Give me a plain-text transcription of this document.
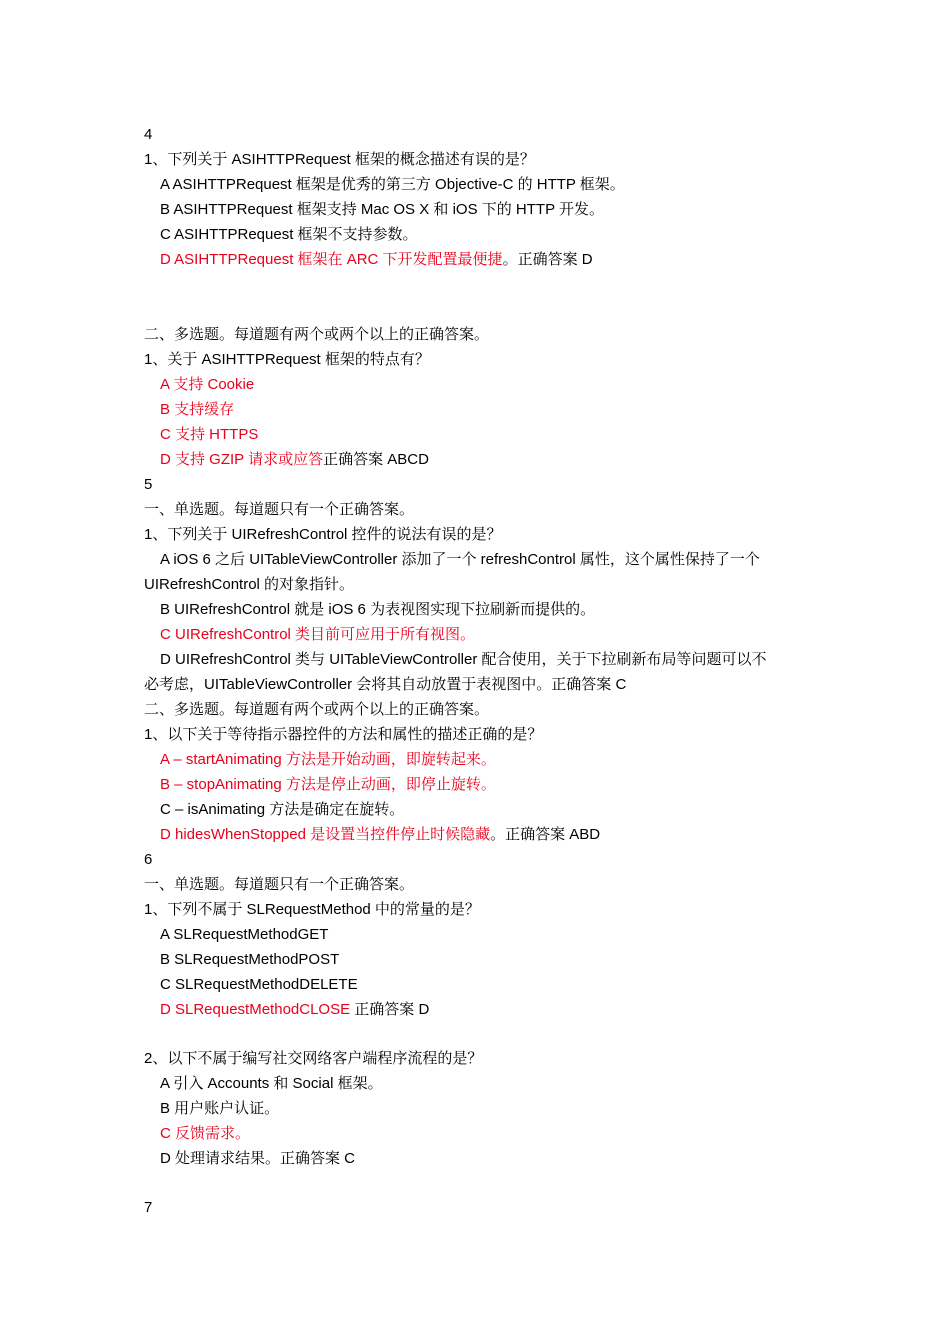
4
1、下列关于 ASIHTTPRequest 框架的概念描述有误的是？
A ASIHTTPRequest 框架是优秀的第三方 Objective-C 的 HTTP 框架。
B ASIHTTPRequest 框架支持 Mac OS X 和 iOS 下的 HTTP 开发。
C ASIHTTPRequest 框架不支持参数。
D ASIHTTPRequest 框架在 ARC 下开发配置最便捷。正确答案 D
二、多选题。每道题有两个或两个以上的正确答案。
1、关于 ASIHTTPRequest 框架的特点有？
A 支持 Cookie
B 支持缓存
C 支持 HTTPS
D 支持 GZIP 请求或应答正确答案 ABCD
5
一、单选题。每道题只有一个正确答案。
1、下列关于 UIRefreshControl 控件的说法有误的是？
A iOS 6 之后 UITableViewController 添加了一个 refreshControl 属性，这个属性保持了一个
UIRefreshControl 的对象指针。
B UIRefreshControl 就是 iOS 6 为表视图实现下拉刷新而提供的。
C UIRefreshControl 类目前可应用于所有视图。
D UIRefreshControl 类与 UITableViewController 配合使用，关于下拉刷新布局等问题可以不
必考虑，UITableViewController 会将其自动放置于表视图中。正确答案 C
二、多选题。每道题有两个或两个以上的正确答案。
1、以下关于等待指示器控件的方法和属性的描述正确的是？
A – startAnimating 方法是开始动画，即旋转起来。
B – stopAnimating 方法是停止动画，即停止旋转。
C – isAnimating 方法是确定在旋转。
D hidesWhenStopped 是设置当控件停止时候隐藏。正确答案 ABD
6
一、单选题。每道题只有一个正确答案。
1、下列不属于 SLRequestMethod 中的常量的是？
A SLRequestMethodGET
B SLRequestMethodPOST
C SLRequestMethodDELETE
D SLRequestMethodCLOSE 正确答案 D
2、以下不属于编写社交网络客户端程序流程的是？
A 引入 Accounts 和 Social 框架。
B 用户账户认证。
C 反馈需求。
D 处理请求结果。正确答案 C
7
